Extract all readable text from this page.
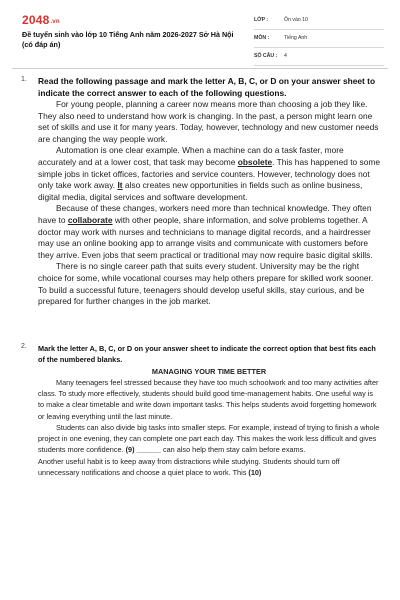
2048.vn
Đề tuyển sinh vào lớp 10 Tiếng Anh năm 2026-2027 Sở Hà Nội (có đáp án)
LỚP :	Ôn vào 10
MÔN :	Tiếng Anh
SỐ CÂU : 4
1. Read the following passage and mark the letter A, B, C, or D on your answer sheet to indicate the correct answer to each of the following questions.
For young people, planning a career now means more than choosing a job they like. They also need to understand how work is changing. In the past, a person might learn one set of skills and use it for many years. Today, however, technology and new customer needs are changing the way people work.
Automation is one clear example. When a machine can do a task faster, more accurately and at a lower cost, that task may become obsolete. This has happened to some simple jobs in ticket offices, factories and service counters. However, technology does not only take work away. It also creates new opportunities in fields such as online business, digital media, digital services and software development.
Because of these changes, workers need more than technical knowledge. They often have to collaborate with other people, share information, and solve problems together. A doctor may work with nurses and technicians to manage digital records, and a hairdresser may use an online booking app to arrange visits and communicate with customers before they arrive. Even jobs that seem practical or traditional may now require basic digital skills.
There is no single career path that suits every student. University may be the right choice for some, while vocational courses may help others prepare for skilled work sooner. To build a successful future, teenagers should develop useful skills, stay curious, and be prepared for further changes in the job market.
2. Mark the letter A, B, C, or D on your answer sheet to indicate the correct option that best fits each of the numbered blanks.
MANAGING YOUR TIME BETTER
Many teenagers feel stressed because they have too much schoolwork and too many activities after class. To study more effectively, students should build good time-management habits. One useful way is to make a clear timetable and write down important tasks. This helps students avoid forgetting homework or leaving everything until the last minute.
Students can also divide big tasks into smaller steps. For example, instead of trying to finish a whole project in one evening, they can complete one part each day. This makes the work less difficult and gives students more confidence. (9) ______ can also help them stay calm before exams.
Another useful habit is to keep away from distractions while studying. Students should turn off unnecessary notifications and choose a quiet place to work. This (10)
